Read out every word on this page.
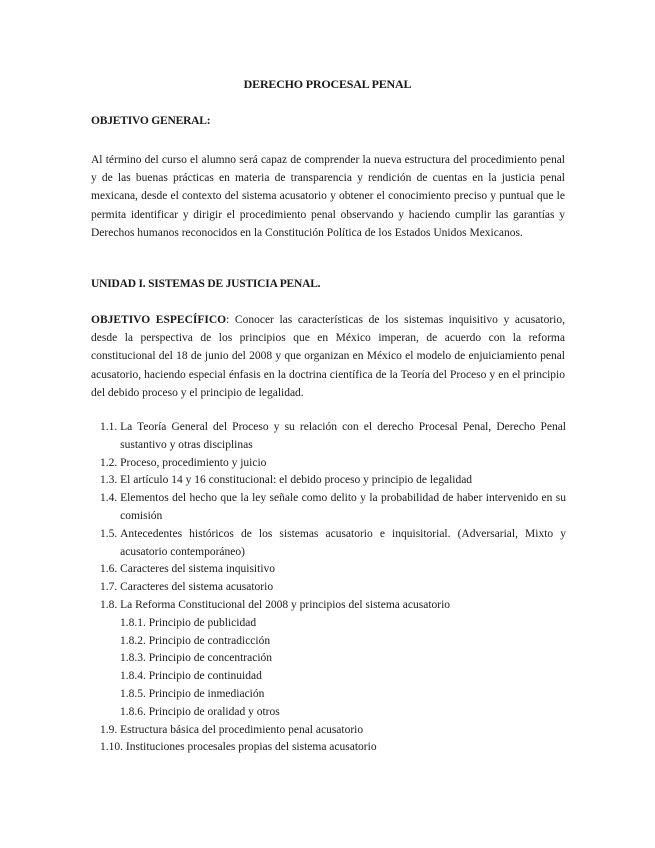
DERECHO PROCESAL PENAL
OBJETIVO GENERAL:
Al término del curso el alumno será capaz de comprender la nueva estructura del procedimiento penal y de las buenas prácticas en materia de transparencia y rendición de cuentas en la justicia penal mexicana, desde el contexto del sistema acusatorio y obtener el conocimiento preciso y puntual que le permita identificar y dirigir el procedimiento penal observando y haciendo cumplir las garantías y Derechos humanos reconocidos en la Constitución Política de los Estados Unidos Mexicanos.
UNIDAD I. SISTEMAS DE JUSTICIA PENAL.
OBJETIVO ESPECÍFICO: Conocer las características de los sistemas inquisitivo y acusatorio, desde la perspectiva de los principios que en México imperan, de acuerdo con la reforma constitucional del 18 de junio del 2008 y que organizan en México el modelo de enjuiciamiento penal acusatorio, haciendo especial énfasis en la doctrina científica de la Teoría del Proceso y en el principio del debido proceso y el principio de legalidad.
1.1. La Teoría General del Proceso y su relación con el derecho Procesal Penal, Derecho Penal sustantivo y otras disciplinas
1.2. Proceso, procedimiento y juicio
1.3. El artículo 14 y 16 constitucional: el debido proceso y principio de legalidad
1.4. Elementos del hecho que la ley señale como delito y la probabilidad de haber intervenido en su comisión
1.5. Antecedentes históricos de los sistemas acusatorio e inquisitorial. (Adversarial, Mixto y acusatorio contemporáneo)
1.6. Caracteres del sistema inquisitivo
1.7. Caracteres del sistema acusatorio
1.8. La Reforma Constitucional del 2008 y principios del sistema acusatorio
1.8.1. Principio de publicidad
1.8.2. Principio de contradicción
1.8.3. Principio de concentración
1.8.4. Principio de continuidad
1.8.5. Principio de inmediación
1.8.6. Principio de oralidad y otros
1.9. Estructura básica del procedimiento penal acusatorio
1.10. Instituciones procesales propias del sistema acusatorio
